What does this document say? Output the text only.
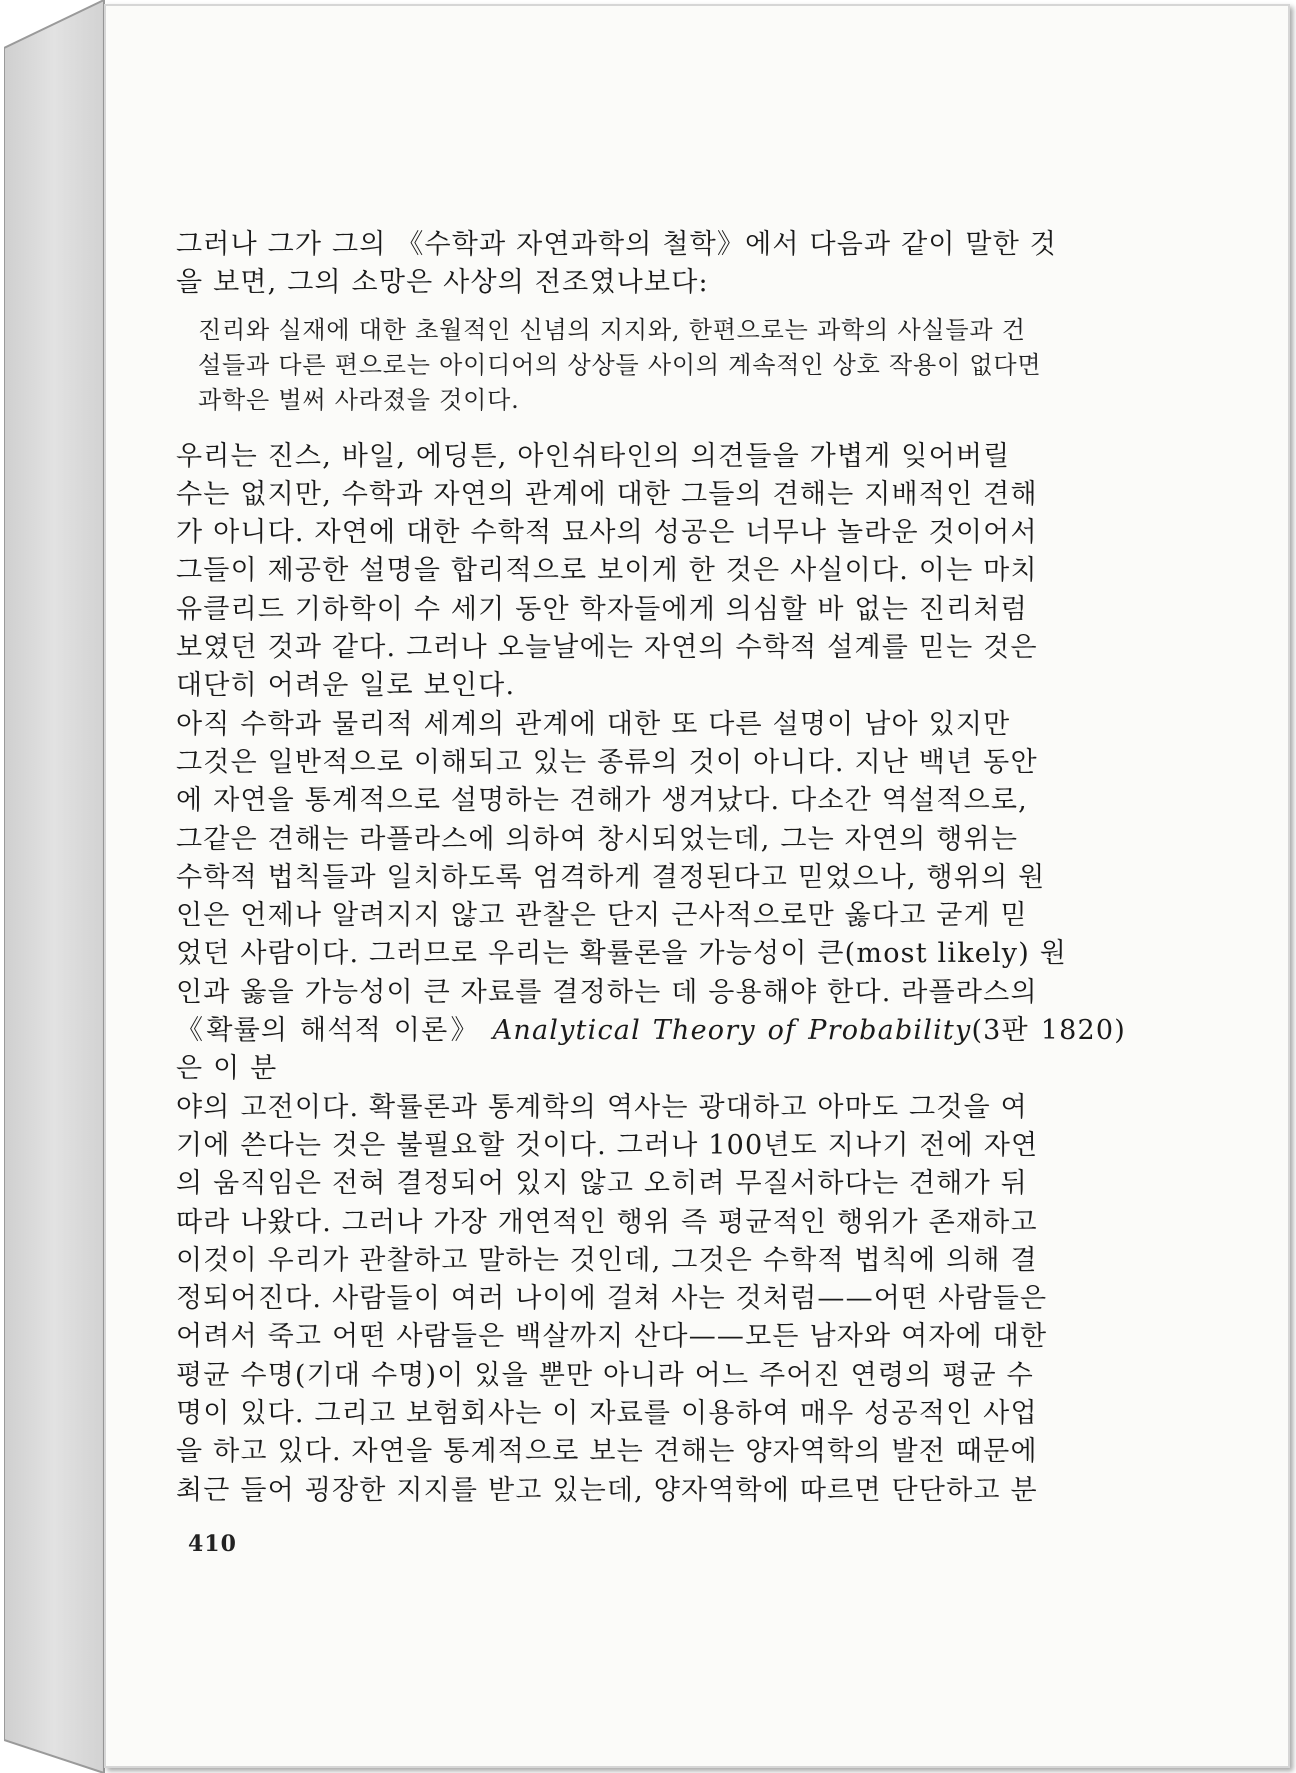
그러나 그가 그의 《수학과 자연과학의 철학》에서 다음과 같이 말한 것
을 보면, 그의 소망은 사상의 전조였나보다:

진리와 실재에 대한 초월적인 신념의 지지와, 한편으로는 과학의 사실들과 건
설들과 다른 편으로는 아이디어의 상상들 사이의 계속적인 상호 작용이 없다면
과학은 벌써 사라졌을 것이다.

우리는 진스, 바일, 에딩튼, 아인쉬타인의 의견들을 가볍게 잊어버릴
수는 없지만, 수학과 자연의 관계에 대한 그들의 견해는 지배적인 견해
가 아니다. 자연에 대한 수학적 묘사의 성공은 너무나 놀라운 것이어서
그들이 제공한 설명을 합리적으로 보이게 한 것은 사실이다. 이는 마치
유클리드 기하학이 수 세기 동안 학자들에게 의심할 바 없는 진리처럼
보였던 것과 같다. 그러나 오늘날에는 자연의 수학적 설계를 믿는 것은
대단히 어려운 일로 보인다.

아직 수학과 물리적 세계의 관계에 대한 또 다른 설명이 남아 있지만
그것은 일반적으로 이해되고 있는 종류의 것이 아니다. 지난 백년 동안
에 자연을 통계적으로 설명하는 견해가 생겨났다. 다소간 역설적으로,
그같은 견해는 라플라스에 의하여 창시되었는데, 그는 자연의 행위는
수학적 법칙들과 일치하도록 엄격하게 결정된다고 믿었으나, 행위의 원
인은 언제나 알려지지 않고 관찰은 단지 근사적으로만 옳다고 굳게 믿
었던 사람이다. 그러므로 우리는 확률론을 가능성이 큰(most likely) 원
인과 옳을 가능성이 큰 자료를 결정하는 데 응용해야 한다. 라플라스의
《확률의 해석적 이론》 Analytical Theory of Probability(3판 1820)은 이 분
야의 고전이다. 확률론과 통계학의 역사는 광대하고 아마도 그것을 여
기에 쓴다는 것은 불필요할 것이다. 그러나 100년도 지나기 전에 자연
의 움직임은 전혀 결정되어 있지 않고 오히려 무질서하다는 견해가 뒤
따라 나왔다. 그러나 가장 개연적인 행위 즉 평균적인 행위가 존재하고
이것이 우리가 관찰하고 말하는 것인데, 그것은 수학적 법칙에 의해 결
정되어진다. 사람들이 여러 나이에 걸쳐 사는 것처럼——어떤 사람들은
어려서 죽고 어떤 사람들은 백살까지 산다——모든 남자와 여자에 대한
평균 수명(기대 수명)이 있을 뿐만 아니라 어느 주어진 연령의 평균 수
명이 있다. 그리고 보험회사는 이 자료를 이용하여 매우 성공적인 사업
을 하고 있다. 자연을 통계적으로 보는 견해는 양자역학의 발전 때문에
최근 들어 굉장한 지지를 받고 있는데, 양자역학에 따르면 단단하고 분

410
